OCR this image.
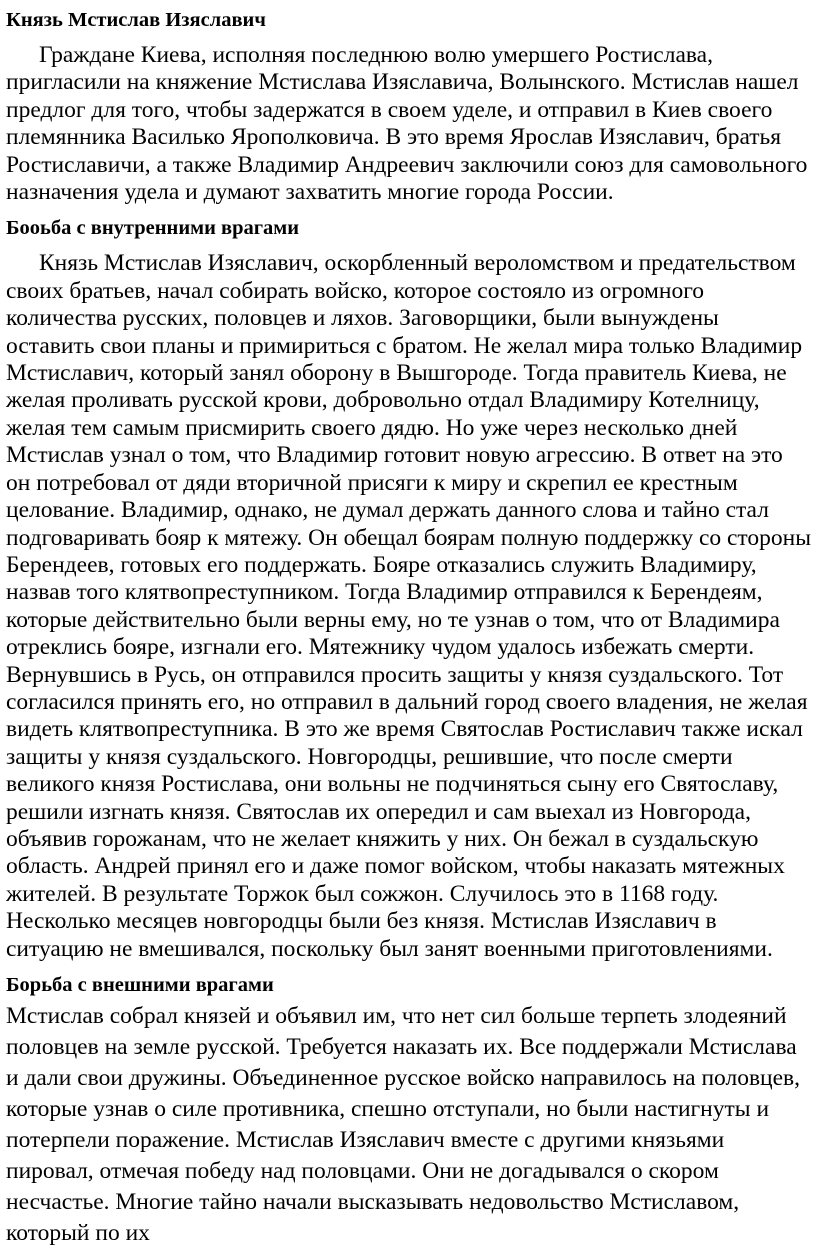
Князь Мстислав Изяславич

Граждане Киева, исполняя последнюю волю умершего Ростислава, пригласили на княжение Мстислава Изяславича, Волынского. Мстислав нашел предлог для того, чтобы задержатся в своем уделе, и отправил в Киев своего племянника Василько Ярополковича. В это время Ярослав Изяславич, братья Ростиславичи, а также Владимир Андреевич заключили союз для самовольного назначения удела и думают захватить многие города России.

Бооьба с внутренними врагами

Князь Мстислав Изяславич, оскорбленный вероломством и предательством своих братьев, начал собирать войско, которое состояло из огромного количества русских, половцев и ляхов. Заговорщики, были вынуждены оставить свои планы и примириться с братом. Не желал мира только Владимир Мстиславич, который занял оборону в Вышгороде. Тогда правитель Киева, не желая проливать русской крови, добровольно отдал Владимиру Котелницу, желая тем самым присмирить своего дядю. Но уже через несколько дней Мстислав узнал о том, что Владимир готовит новую агрессию. В ответ на это он потребовал от дяди вторичной присяги к миру и скрепил ее крестным целование. Владимир, однако, не думал держать данного слова и тайно стал подговаривать бояр к мятежу. Он обещал боярам полную поддержку со стороны Берендеев, готовых его поддержать. Бояре отказались служить Владимиру, назвав того клятвопреступником. Тогда Владимир отправился к Берендеям, которые действительно были верны ему, но те узнав о том, что от Владимира отреклись бояре, изгнали его. Мятежнику чудом удалось избежать смерти. Вернувшись в Русь, он отправился просить защиты у князя суздальского. Тот согласился принять его, но отправил в дальний город своего владения, не желая видеть клятвопреступника. В это же время Святослав Ростиславич также искал защиты у князя суздальского. Новгородцы, решившие, что после смерти великого князя Ростислава, они вольны не подчиняться сыну его Святославу, решили изгнать князя. Святослав их опередил и сам выехал из Новгорода, объявив горожанам, что не желает княжить у них. Он бежал в суздальскую область. Андрей принял его и даже помог войском, чтобы наказать мятежных жителей. В результате Торжок был сожжон. Случилось это в 1168 году. Несколько месяцев новгородцы были без князя. Мстислав Изяславич в ситуацию не вмешивался, поскольку был занят военными приготовлениями.

Борьба с внешними врагами

Мстислав собрал князей и объявил им, что нет сил больше терпеть злодеяний половцев на земле русской. Требуется наказать их. Все поддержали Мстислава и дали свои дружины. Объединенное русское войско направилось на половцев, которые узнав о силе противника, спешно отступали, но были настигнуты и потерпели поражение. Мстислав Изяславич вместе с другими князьями пировал, отмечая победу над половцами. Они не догадывался о скором несчастье. Многие тайно начали высказывать недовольство Мстиславом, который по их
